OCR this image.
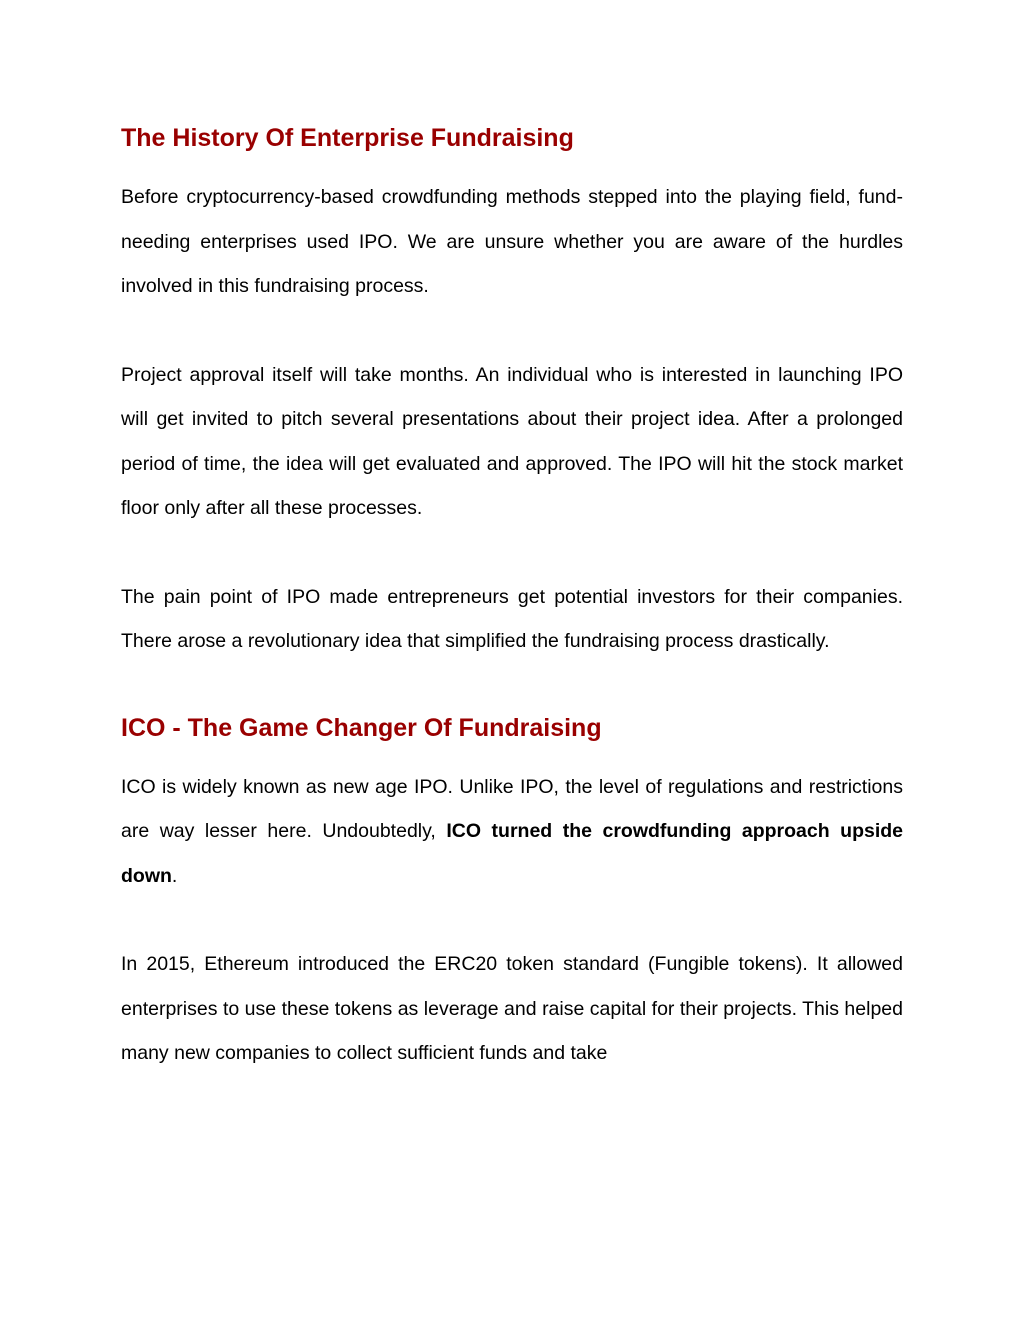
The History Of Enterprise Fundraising

Before cryptocurrency-based crowdfunding methods stepped into the playing field, fund-needing enterprises used IPO. We are unsure whether you are aware of the hurdles involved in this fundraising process.

Project approval itself will take months. An individual who is interested in launching IPO will get invited to pitch several presentations about their project idea. After a prolonged period of time, the idea will get evaluated and approved. The IPO will hit the stock market floor only after all these processes.

The pain point of IPO made entrepreneurs get potential investors for their companies. There arose a revolutionary idea that simplified the fundraising process drastically.

ICO - The Game Changer Of Fundraising

ICO is widely known as new age IPO. Unlike IPO, the level of regulations and restrictions are way lesser here. Undoubtedly, ICO turned the crowdfunding approach upside down.

In 2015, Ethereum introduced the ERC20 token standard (Fungible tokens). It allowed enterprises to use these tokens as leverage and raise capital for their projects. This helped many new companies to collect sufficient funds and take
